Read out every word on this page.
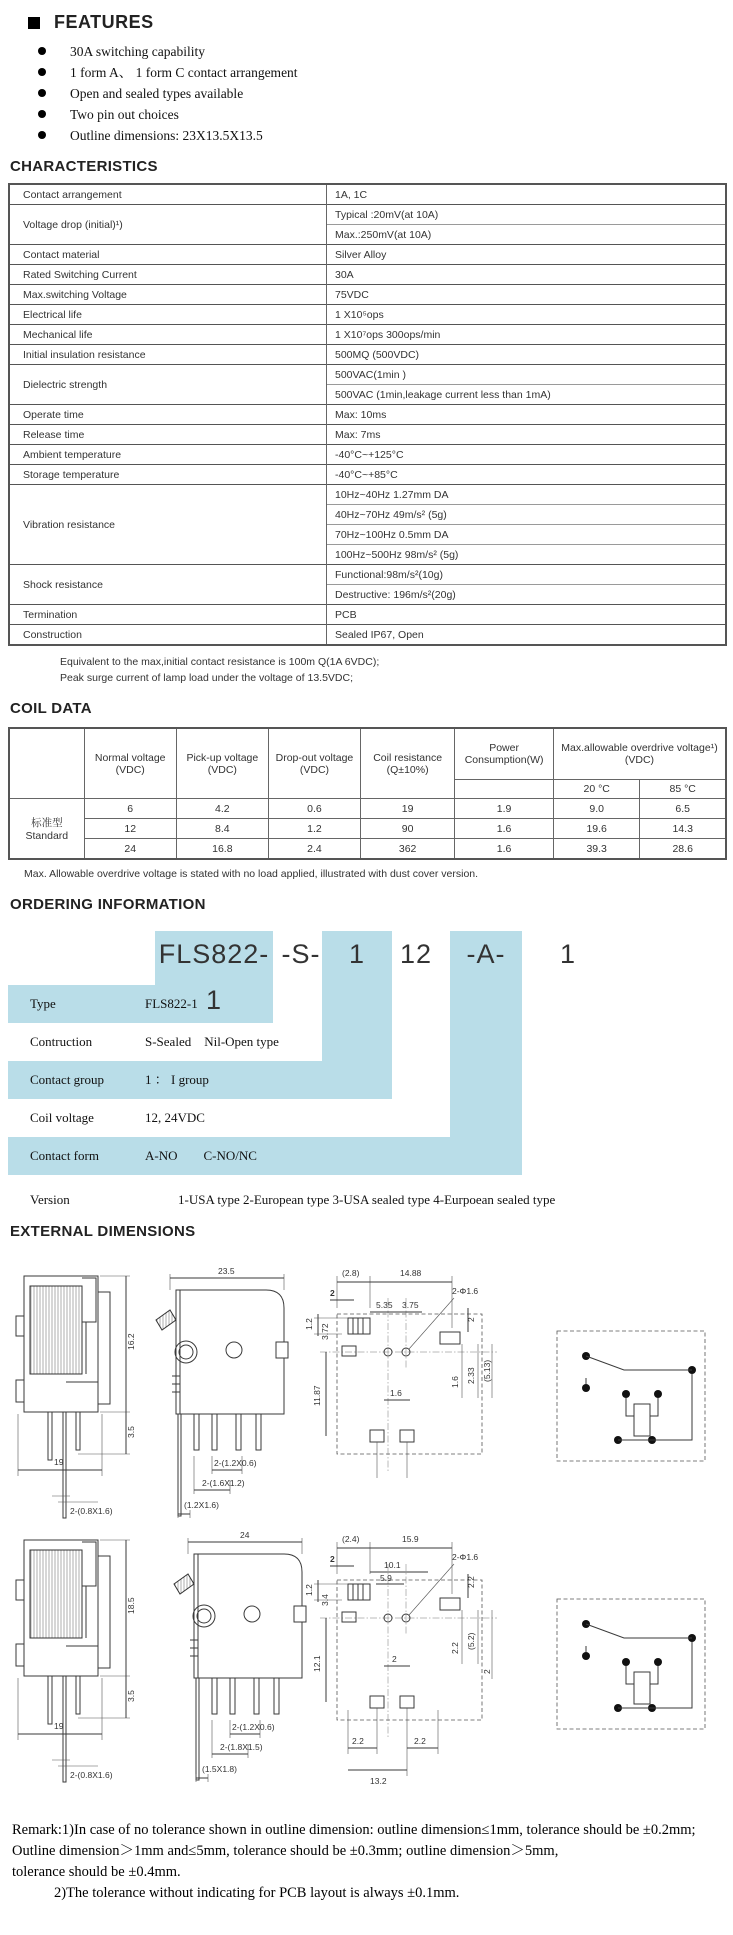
FEATURES
30A switching capability
1 form A、 1 form C contact arrangement
Open and sealed types available
Two pin out choices
Outline dimensions: 23X13.5X13.5
CHARACTERISTICS
Contact arrangement	1A, 1C
Voltage drop (initial)¹)	Typical :20mV(at 10A)
	Max.:250mV(at 10A)
Contact material	Silver Alloy
Rated Switching Current	30A
Max.switching Voltage	75VDC
Electrical life	1 X10⁵ops
Mechanical life	1 X10⁷ops 300ops/min
Initial insulation resistance	500MQ (500VDC)
Dielectric strength	500VAC(1min )
	500VAC (1min,leakage current less than 1mA)
Operate time	Max: 10ms
Release time	Max: 7ms
Ambient temperature	-40°C~+125°C
Storage temperature	-40°C~+85°C
Vibration resistance	10Hz~40Hz 1.27mm DA
	40Hz~70Hz 49m/s² (5g)
	70Hz~100Hz 0.5mm DA
	100Hz~500Hz 98m/s² (5g)
Shock resistance	Functional:98m/s²(10g)
	Destructive: 196m/s²(20g)
Termination	PCB
Construction	Sealed IP67, Open
Equivalent to the max,initial contact resistance is 100m Q(1A 6VDC);
Peak surge current of lamp load under the voltage of 13.5VDC;
COIL DATA
	Normal voltage (VDC)	Pick-up voltage (VDC)	Drop-out voltage (VDC)	Coil resistance (Q±10%)	Power Consumption(W)	Max.allowable overdrive voltage¹) (VDC)	
						20 °C	85 °C
标准型
Standard	6	4.2	0.6	19	1.9	9.0	6.5
	12	8.4	1.2	90	1.6	19.6	14.3
	24	16.8	2.4	362	1.6	39.3	28.6
Max. Allowable overdrive voltage is stated with no load applied, illustrated with dust cover version.
ORDERING INFORMATION
FLS822-1
-S-	1	12	-A-	1
Type	FLS822-1
Contruction	S-Sealed    Nil-Open type
Contact group	1 ： I group
Coil voltage	12, 24VDC
Contact form	A-NO        C-NO/NC
Version	1-USA type 2-European type 3-USA sealed type 4-Eurpoean sealed type
EXTERNAL DIMENSIONS
16.2
3.5
19
2-(0.8X1.6)
23.5
2-(1.2X0.6)
2-(1.6X1.2)
(1.2X1.6)
2-Φ1.6
(2.8)	14.88
2
1.2 3.72
5.35 3.75
2
11.87	1.6
1.6 2.33 (5.13)
18.5
3.5
19
2-(0.8X1.6)
24
2-(1.2X0.6)
2-(1.8X1.5)
(1.5X1.8)
2-Φ1.6
(2.4)	15.9
2
1.2
3.4
10.1
5.9	2.2
12.1	2
2.2 (5.2)
2
2.2	2.2
13.2
Remark:1)In case of no tolerance shown in outline dimension: outline dimension≤1mm, tolerance should be ±0.2mm;
Outline dimension＞1mm and≤5mm, tolerance should be ±0.3mm; outline dimension＞5mm,
tolerance should be ±0.4mm.
2)The tolerance without indicating for PCB layout is always ±0.1mm.
